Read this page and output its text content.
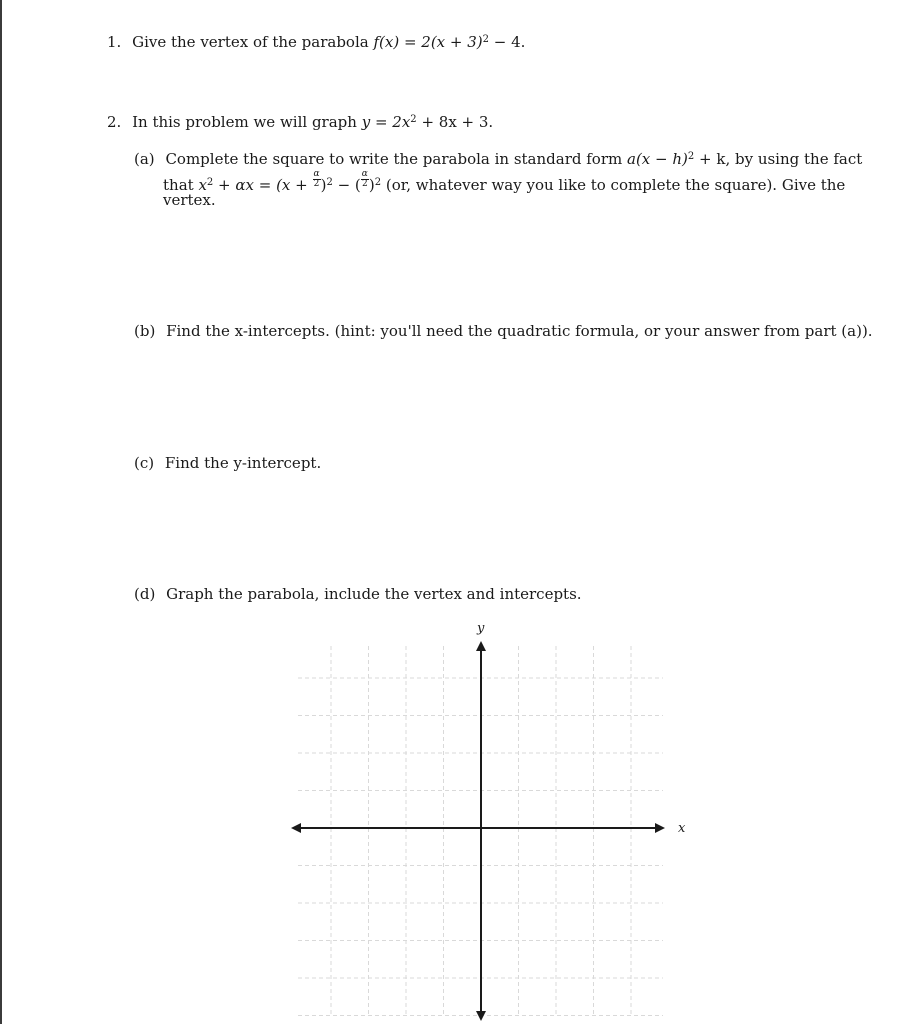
1. Give the vertex of the parabola $f(x) = 2(x + 3)^2 - 4$.
2. In this problem we will graph $y = 2x^2 + 8x + 3$.
(a) Complete the square to write the parabola in standard form $a(x - h)^2 + k$, by using the fact
that $x^2 + \alpha x = (x + \frac{\alpha}{2} )^2$ − ( $\frac{\alpha}{2} )^2$ (or, whatever way you like to complete the square). Give the
vertex.
(b) Find the x-intercepts. (hint: you'll need the quadratic formula, or your answer from part (a)).
(c) Find the y-intercept.
(d) Graph the parabola, include the vertex and intercepts.
x
y
